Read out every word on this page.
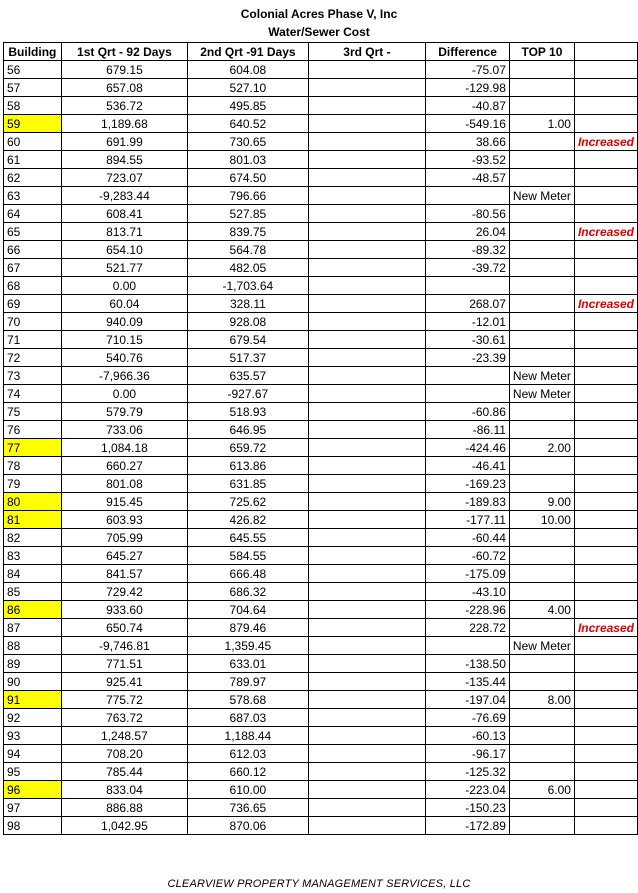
Colonial Acres Phase V, Inc
Water/Sewer Cost
Building	1st Qrt - 92 Days	2nd Qrt -91 Days	3rd Qrt -	Difference	TOP 10	
56	679.15	604.08		-75.07		
57	657.08	527.10		-129.98		
58	536.72	495.85		-40.87		
59	1,189.68	640.52		-549.16	1.00	
60	691.99	730.65		38.66		Increased
61	894.55	801.03		-93.52		
62	723.07	674.50		-48.57		
63	-9,283.44	796.66			New Meter	
64	608.41	527.85		-80.56		
65	813.71	839.75		26.04		Increased
66	654.10	564.78		-89.32		
67	521.77	482.05		-39.72		
68	0.00	-1,703.64				
69	60.04	328.11		268.07		Increased
70	940.09	928.08		-12.01		
71	710.15	679.54		-30.61		
72	540.76	517.37		-23.39		
73	-7,966.36	635.57			New Meter	
74	0.00	-927.67			New Meter	
75	579.79	518.93		-60.86		
76	733.06	646.95		-86.11		
77	1,084.18	659.72		-424.46	2.00	
78	660.27	613.86		-46.41		
79	801.08	631.85		-169.23		
80	915.45	725.62		-189.83	9.00	
81	603.93	426.82		-177.11	10.00	
82	705.99	645.55		-60.44		
83	645.27	584.55		-60.72		
84	841.57	666.48		-175.09		
85	729.42	686.32		-43.10		
86	933.60	704.64		-228.96	4.00	
87	650.74	879.46		228.72		Increased
88	-9,746.81	1,359.45			New Meter	
89	771.51	633.01		-138.50		
90	925.41	789.97		-135.44		
91	775.72	578.68		-197.04	8.00	
92	763.72	687.03		-76.69		
93	1,248.57	1,188.44		-60.13		
94	708.20	612.03		-96.17		
95	785.44	660.12		-125.32		
96	833.04	610.00		-223.04	6.00	
97	886.88	736.65		-150.23		
98	1,042.95	870.06		-172.89		
CLEARVIEW PROPERTY MANAGEMENT SERVICES, LLC
